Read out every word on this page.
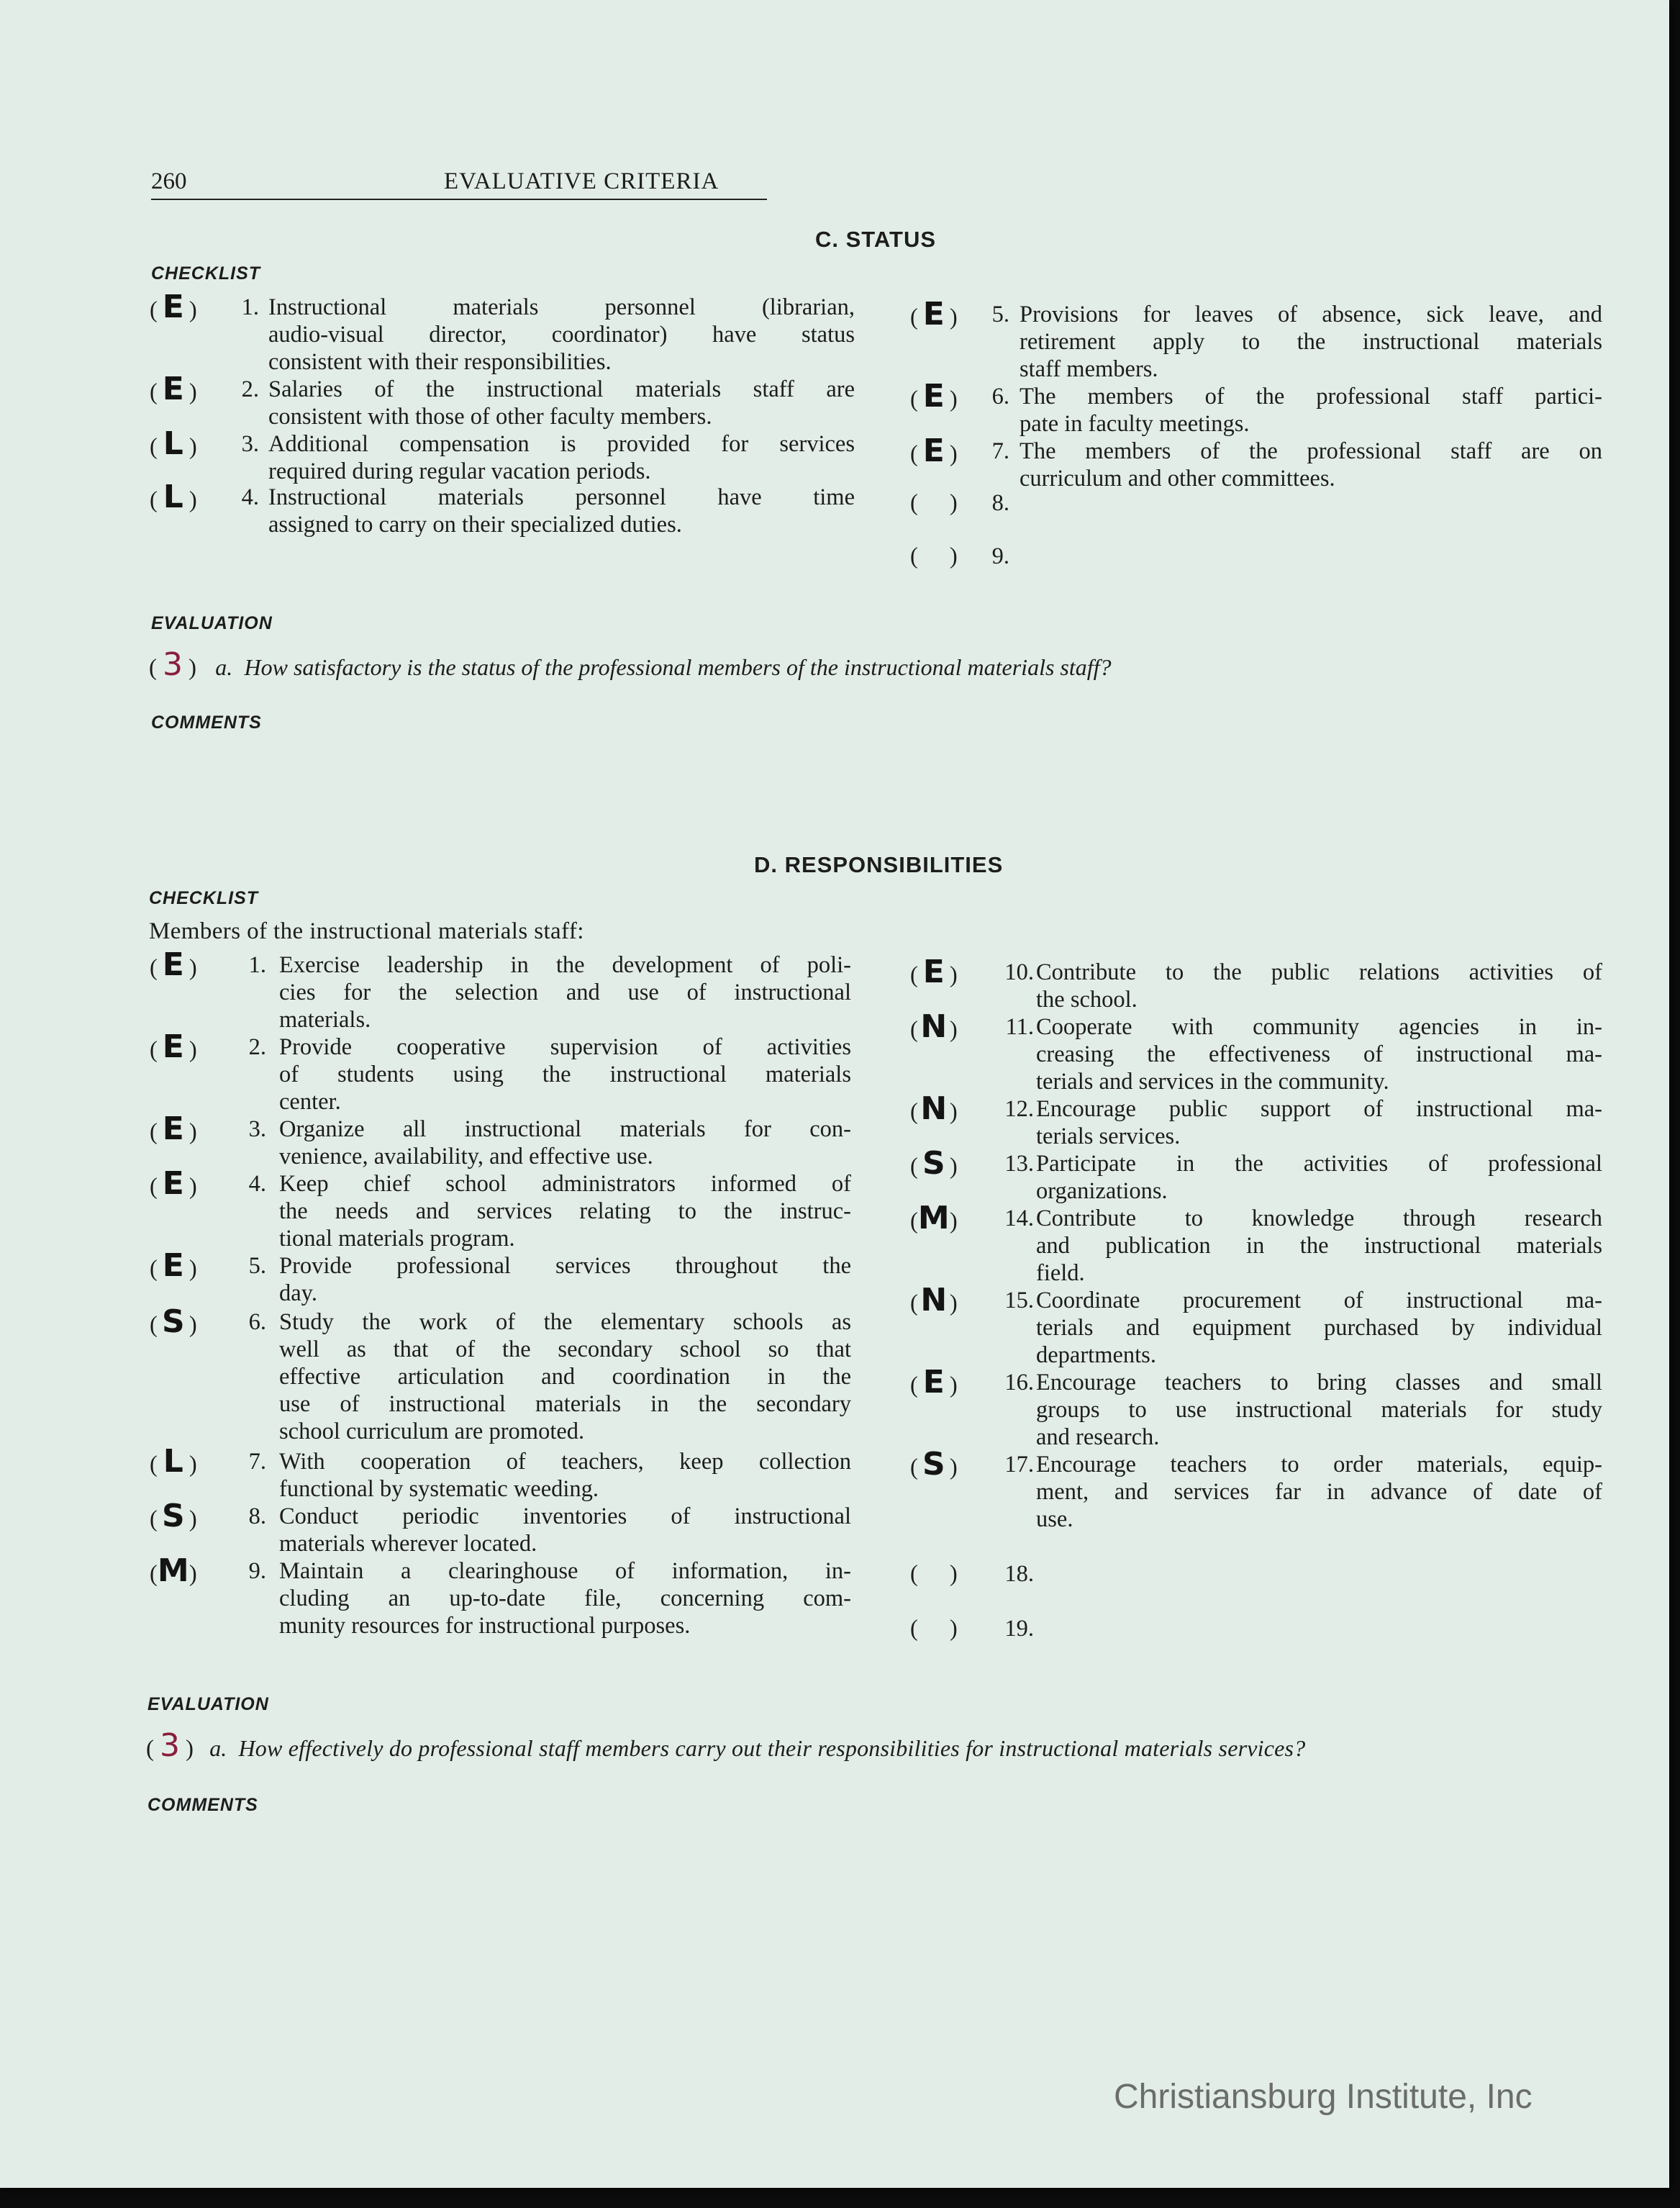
260	EVALUATIVE CRITERIA
C. STATUS
CHECKLIST
( E )	1. Instructional materials personnel (librarian,
audio-visual director, coordinator) have status
consistent with their responsibilities.
( E )	2. Salaries of the instructional materials staff are
consistent with those of other faculty members.
( L )	3. Additional compensation is provided for services
required during regular vacation periods.
( L )	4. Instructional materials personnel have time
assigned to carry on their specialized duties.
( E )	5. Provisions for leaves of absence, sick leave, and
retirement apply to the instructional materials
staff members.
( E )	6. The members of the professional staff partici-
pate in faculty meetings.
( E )	7. The members of the professional staff are on
curriculum and other committees.
( )	8.
( )	9.
EVALUATION
( 3 ) a. How satisfactory is the status of the professional members of the instructional materials staff?
COMMENTS
D. RESPONSIBILITIES
CHECKLIST
Members of the instructional materials staff:
( E )	1. Exercise leadership in the development of poli-
cies for the selection and use of instructional
materials.
( E )	2. Provide cooperative supervision of activities
of students using the instructional materials
center.
( E )	3. Organize all instructional materials for con-
venience, availability, and effective use.
( E )	4. Keep chief school administrators informed of
the needs and services relating to the instruc-
tional materials program.
( E )	5. Provide professional services throughout the
day.
( S )	6. Study the work of the elementary schools as
well as that of the secondary school so that
effective articulation and coordination in the
use of instructional materials in the secondary
school curriculum are promoted.
( L )	7. With cooperation of teachers, keep collection
functional by systematic weeding.
( S )	8. Conduct periodic inventories of instructional
materials wherever located.
(M)	9. Maintain a clearinghouse of information, in-
cluding an up-to-date file, concerning com-
munity resources for instructional purposes.
( E )	10. Contribute to the public relations activities of
the school.
(N )	11. Cooperate with community agencies in in-
creasing the effectiveness of instructional ma-
terials and services in the community.
(N )	12. Encourage public support of instructional ma-
terials services.
( S )	13. Participate in the activities of professional
organizations.
(M)	14. Contribute to knowledge through research
and publication in the instructional materials
field.
(N )	15. Coordinate procurement of instructional ma-
terials and equipment purchased by individual
departments.
( E )	16. Encourage teachers to bring classes and small
groups to use instructional materials for study
and research.
( S )	17. Encourage teachers to order materials, equip-
ment, and services far in advance of date of
use.
( )	18.
( )	19.
EVALUATION
( 3 ) a. How effectively do professional staff members carry out their responsibilities for instructional materials services?
COMMENTS
Christiansburg Institute, Inc
